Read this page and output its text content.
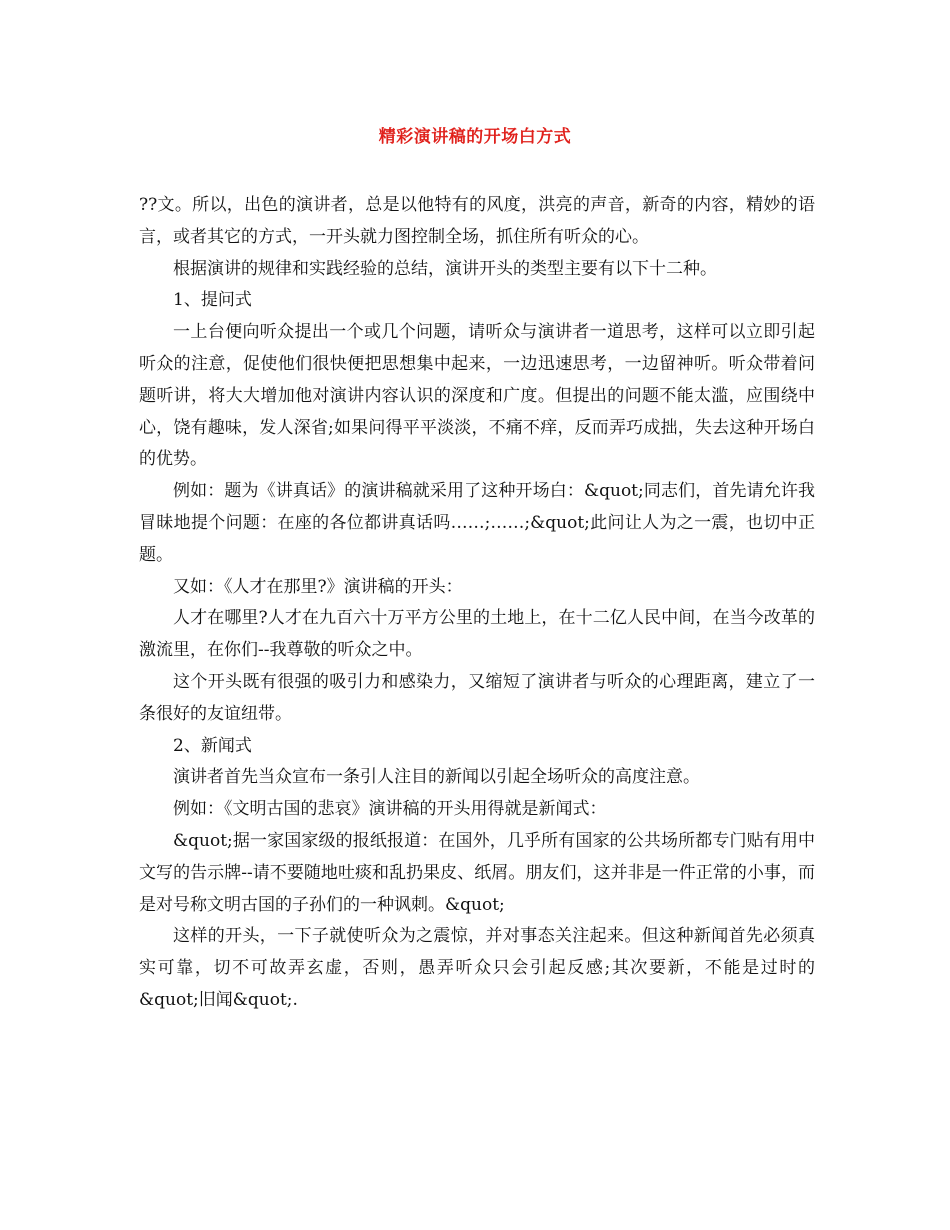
精彩演讲稿的开场白方式

??文。所以，出色的演讲者，总是以他特有的风度，洪亮的声音，新奇的内容，精妙的语言，或者其它的方式，一开头就力图控制全场，抓住所有听众的心。

根据演讲的规律和实践经验的总结，演讲开头的类型主要有以下十二种。

1、提问式

一上台便向听众提出一个或几个问题，请听众与演讲者一道思考，这样可以立即引起听众的注意，促使他们很快便把思想集中起来，一边迅速思考，一边留神听。听众带着问题听讲，将大大增加他对演讲内容认识的深度和广度。但提出的问题不能太滥，应围绕中心，饶有趣味，发人深省;如果问得平平淡淡，不痛不痒，反而弄巧成拙，失去这种开场白的优势。

例如：题为《讲真话》的演讲稿就采用了这种开场白：&quot;同志们，首先请允许我冒昧地提个问题：在座的各位都讲真话吗……;……;&quot;此问让人为之一震，也切中正题。

又如：《人才在那里?》演讲稿的开头：

人才在哪里?人才在九百六十万平方公里的土地上，在十二亿人民中间，在当今改革的激流里，在你们--我尊敬的听众之中。

这个开头既有很强的吸引力和感染力，又缩短了演讲者与听众的心理距离，建立了一条很好的友谊纽带。

2、新闻式

演讲者首先当众宣布一条引人注目的新闻以引起全场听众的高度注意。

例如：《文明古国的悲哀》演讲稿的开头用得就是新闻式：

&quot;据一家国家级的报纸报道：在国外，几乎所有国家的公共场所都专门贴有用中文写的告示牌--请不要随地吐痰和乱扔果皮、纸屑。朋友们，这并非是一件正常的小事，而是对号称文明古国的子孙们的一种讽刺。&quot;

这样的开头，一下子就使听众为之震惊，并对事态关注起来。但这种新闻首先必须真实可靠，切不可故弄玄虚，否则，愚弄听众只会引起反感;其次要新，不能是过时的&quot;旧闻&quot;.
